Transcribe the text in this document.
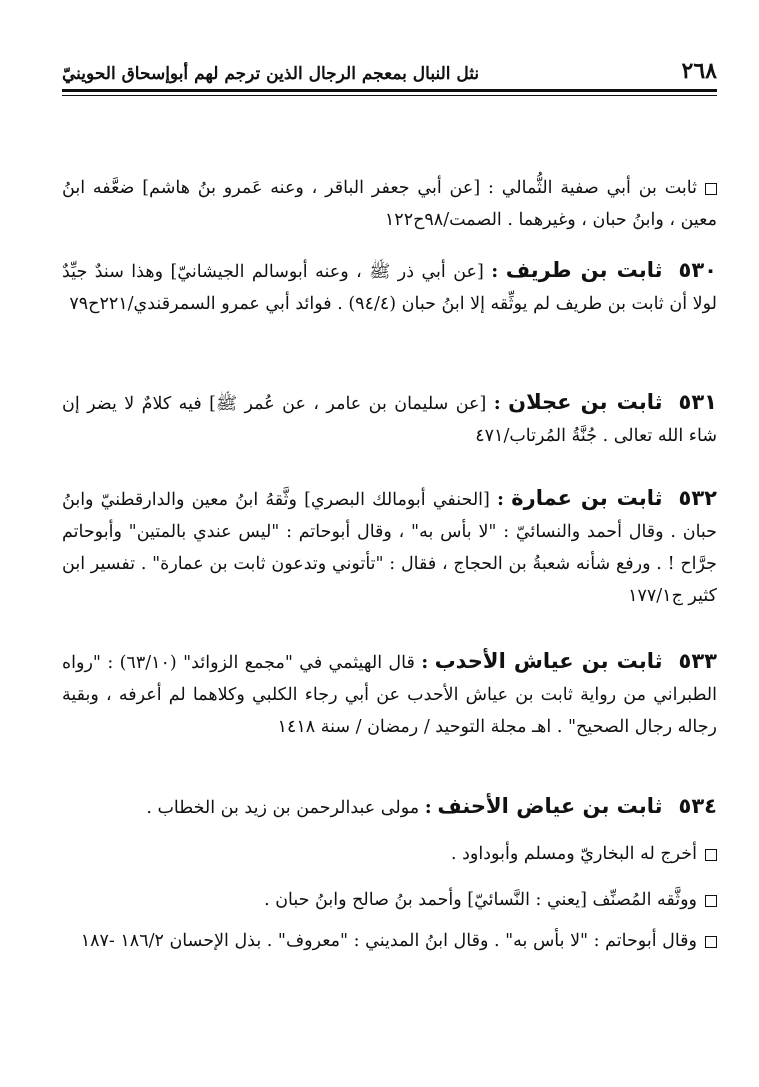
٢٦٨
نثل النبال بمعجم الرجال الذين ترجم لهم أبوإسحاق الحوينيّ
ثابت بن أبي صفية الثُّمالي : [عن أبي جعفر الباقر ، وعنه عَمرو بنُ هاشم] ضعَّفه ابنُ معين ، وابنُ حبان ، وغيرهما . الصمت/٩٨ح١٢٢
٥٣٠ثابت بن طريف : [عن أبي ذر ﷺ ، وعنه أبوسالم الجيشانيّ] وهذا سندٌ جيِّدٌ لولا أن ثابت بن طريف لم يوثِّقه إلا ابنُ حبان (٩٤/٤) . فوائد أبي عمرو السمرقندي/٢٢١ح٧٩
٥٣١ثابت بن عجلان : [عن سليمان بن عامر ، عن عُمر ﷺ] فيه كلامٌ لا يضر إن شاء الله تعالى . جُنَّةُ المُرتاب/٤٧١
٥٣٢ثابت بن عمارة : [الحنفي أبومالك البصري] وثَّقهُ ابنُ معين والدارقطنيّ وابنُ حبان . وقال أحمد والنسائيّ : "لا بأس به" ، وقال أبوحاتم : "ليس عندي بالمتين" وأبوحاتم جرَّاح ! . ورفع شأنه شعبةُ بن الحجاج ، فقال : "تأتوني وتدعون ثابت بن عمارة" . تفسير ابن كثير ج١٧٧/١
٥٣٣ثابت بن عياش الأحدب : قال الهيثمي في "مجمع الزوائد" (٦٣/١٠) : "رواه الطبراني من رواية ثابت بن عياش الأحدب عن أبي رجاء الكلبي وكلاهما لم أعرفه ، وبقية رجاله رجال الصحيح" . اهـ مجلة التوحيد / رمضان / سنة ١٤١٨
٥٣٤ثابت بن عياض الأحنف : مولى عبدالرحمن بن زيد بن الخطاب .
أخرج له البخاريّ ومسلم وأبوداود .
ووثَّقه المُصنِّف [يعني : النَّسائيّ] وأحمد بنُ صالح وابنُ حبان .
وقال أبوحاتم : "لا بأس به" . وقال ابنُ المديني : "معروف" . بذل الإحسان ١٨٦/٢ -١٨٧
